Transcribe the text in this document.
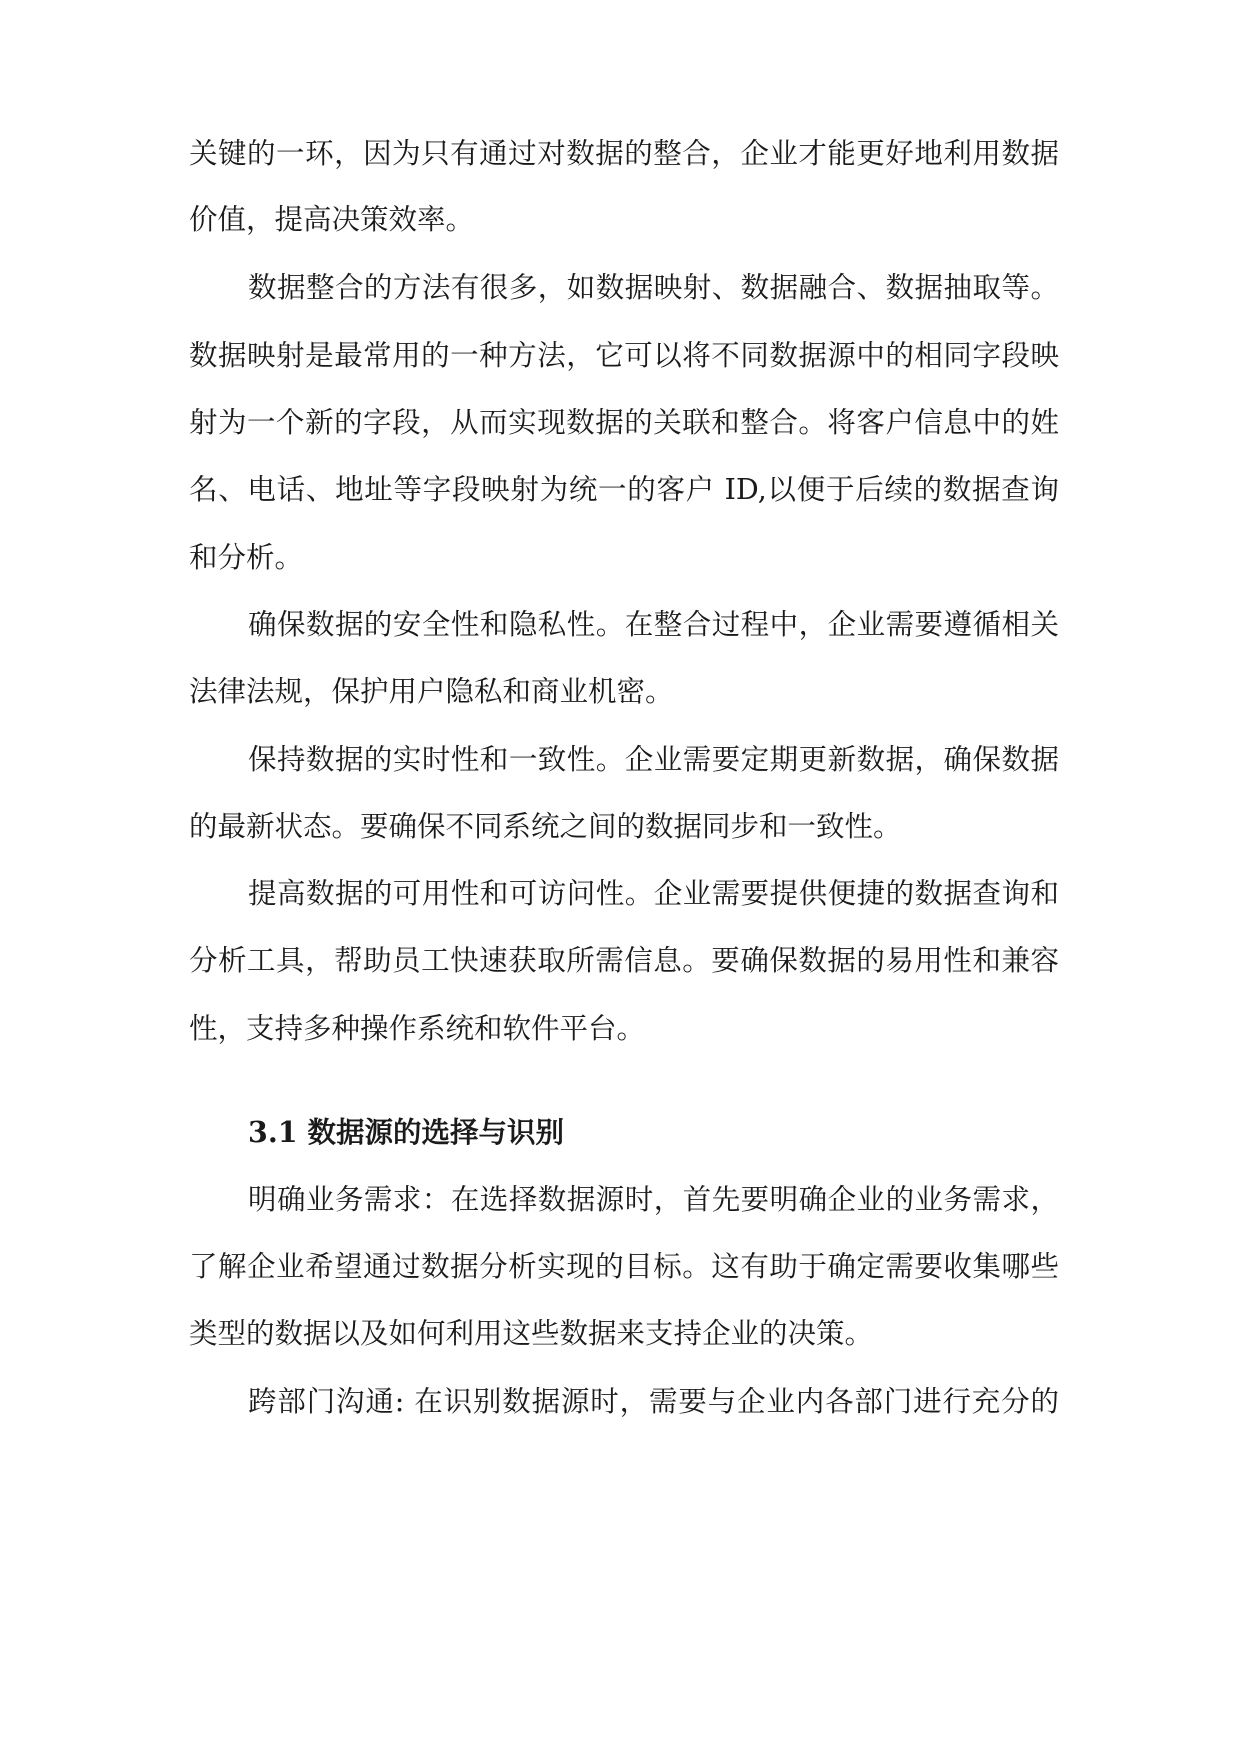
关键的一环，因为只有通过对数据的整合，企业才能更好地利用数据
价值，提高决策效率。
数据整合的方法有很多，如数据映射、数据融合、数据抽取等。
数据映射是最常用的一种方法，它可以将不同数据源中的相同字段映
射为一个新的字段，从而实现数据的关联和整合。将客户信息中的姓
名、电话、地址等字段映射为统一的客户 ID,以便于后续的数据查询
和分析。
确保数据的安全性和隐私性。在整合过程中，企业需要遵循相关
法律法规，保护用户隐私和商业机密。
保持数据的实时性和一致性。企业需要定期更新数据，确保数据
的最新状态。要确保不同系统之间的数据同步和一致性。
提高数据的可用性和可访问性。企业需要提供便捷的数据查询和
分析工具，帮助员工快速获取所需信息。要确保数据的易用性和兼容
性，支持多种操作系统和软件平台。
3.1 数据源的选择与识别
明确业务需求：在选择数据源时，首先要明确企业的业务需求，
了解企业希望通过数据分析实现的目标。这有助于确定需要收集哪些
类型的数据以及如何利用这些数据来支持企业的决策。
跨部门沟通: 在识别数据源时，需要与企业内各部门进行充分的
